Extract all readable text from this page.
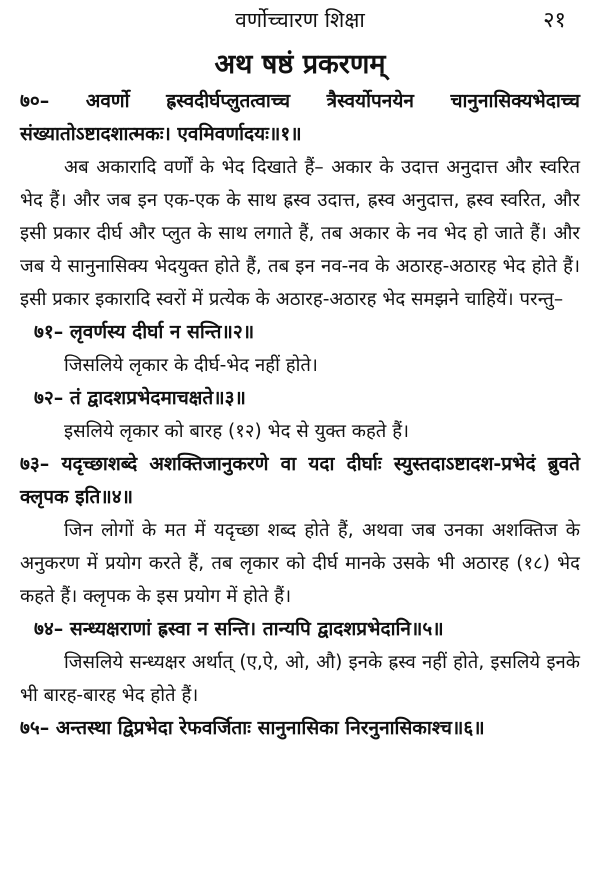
वर्णोच्चारण शिक्षा	२१
अथ षष्ठं प्रकरणम्

७०– अवर्णो ह्रस्वदीर्घप्लुतत्वाच्च त्रैस्वर्योपनयेन चानुनासिक्यभेदाच्च संख्यातोऽष्टादशात्मकः। एवमिवर्णादयः॥१॥

अब अकारादि वर्णों के भेद दिखाते हैं– अकार के उदात्त अनुदात्त और स्वरित भेद हैं। और जब इन एक-एक के साथ ह्रस्व उदात्त, ह्रस्व अनुदात्त, ह्रस्व स्वरित, और इसी प्रकार दीर्घ और प्लुत के साथ लगाते हैं, तब अकार के नव भेद हो जाते हैं। और जब ये सानुनासिक्य भेदयुक्त होते हैं, तब इन नव-नव के अठारह-अठारह भेद होते हैं। इसी प्रकार इकारादि स्वरों में प्रत्येक के अठारह-अठारह भेद समझने चाहियें। परन्तु–

७१– लृवर्णस्य दीर्घा न सन्ति॥२॥

जिसलिये लृकार के दीर्घ-भेद नहीं होते।

७२– तं द्वादशप्रभेदमाचक्षते॥३॥

इसलिये लृकार को बारह (१२) भेद से युक्त कहते हैं।

७३– यदृच्छाशब्दे अशक्तिजानुकरणे वा यदा दीर्घाः स्युस्तदाऽष्टादश-प्रभेदं ब्रुवते क्लृपक इति॥४॥

जिन लोगों के मत में यदृच्छा शब्द होते हैं, अथवा जब उनका अशक्तिज के अनुकरण में प्रयोग करते हैं, तब लृकार को दीर्घ मानके उसके भी अठारह (१८) भेद कहते हैं। क्लृपक के इस प्रयोग में होते हैं।

७४– सन्ध्यक्षराणां ह्रस्वा न सन्ति। तान्यपि द्वादशप्रभेदानि॥५॥

जिसलिये सन्ध्यक्षर अर्थात् (ए,ऐ, ओ, औ) इनके ह्रस्व नहीं होते, इसलिये इनके भी बारह-बारह भेद होते हैं।

७५– अन्तस्था द्विप्रभेदा रेफवर्जिताः सानुनासिका निरनुनासिकाश्च॥६॥
